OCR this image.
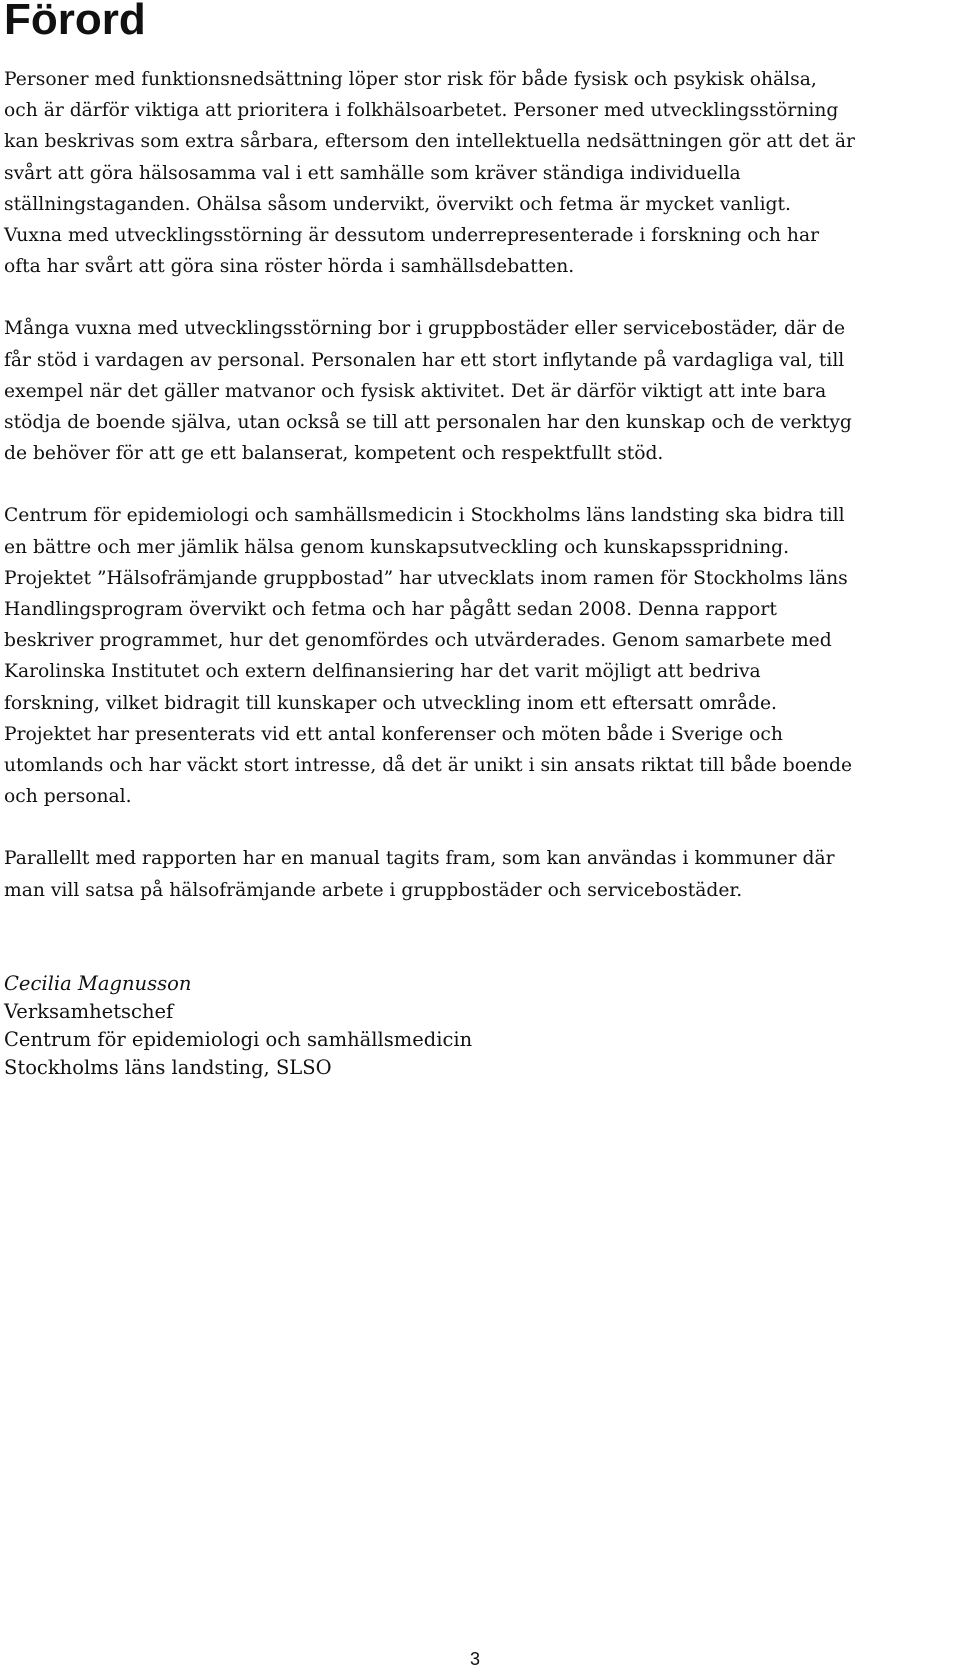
Förord

Personer med funktionsnedsättning löper stor risk för både fysisk och psykisk ohälsa,
och är därför viktiga att prioritera i folkhälsoarbetet. Personer med utvecklingsstörning
kan beskrivas som extra sårbara, eftersom den intellektuella nedsättningen gör att det är
svårt att göra hälsosamma val i ett samhälle som kräver ständiga individuella
ställningstaganden. Ohälsa såsom undervikt, övervikt och fetma är mycket vanligt.
Vuxna med utvecklingsstörning är dessutom underrepresenterade i forskning och har
ofta har svårt att göra sina röster hörda i samhällsdebatten.

Många vuxna med utvecklingsstörning bor i gruppbostäder eller servicebostäder, där de
får stöd i vardagen av personal. Personalen har ett stort inflytande på vardagliga val, till
exempel när det gäller matvanor och fysisk aktivitet. Det är därför viktigt att inte bara
stödja de boende själva, utan också se till att personalen har den kunskap och de verktyg
de behöver för att ge ett balanserat, kompetent och respektfullt stöd.

Centrum för epidemiologi och samhällsmedicin i Stockholms läns landsting ska bidra till
en bättre och mer jämlik hälsa genom kunskapsutveckling och kunskapsspridning.
Projektet ”Hälsofrämjande gruppbostad” har utvecklats inom ramen för Stockholms läns
Handlingsprogram övervikt och fetma och har pågått sedan 2008. Denna rapport
beskriver programmet, hur det genomfördes och utvärderades. Genom samarbete med
Karolinska Institutet och extern delfinansiering har det varit möjligt att bedriva
forskning, vilket bidragit till kunskaper och utveckling inom ett eftersatt område.
Projektet har presenterats vid ett antal konferenser och möten både i Sverige och
utomlands och har väckt stort intresse, då det är unikt i sin ansats riktat till både boende
och personal.

Parallellt med rapporten har en manual tagits fram, som kan användas i kommuner där
man vill satsa på hälsofrämjande arbete i gruppbostäder och servicebostäder.

Cecilia Magnusson
Verksamhetschef
Centrum för epidemiologi och samhällsmedicin
Stockholms läns landsting, SLSO
3
